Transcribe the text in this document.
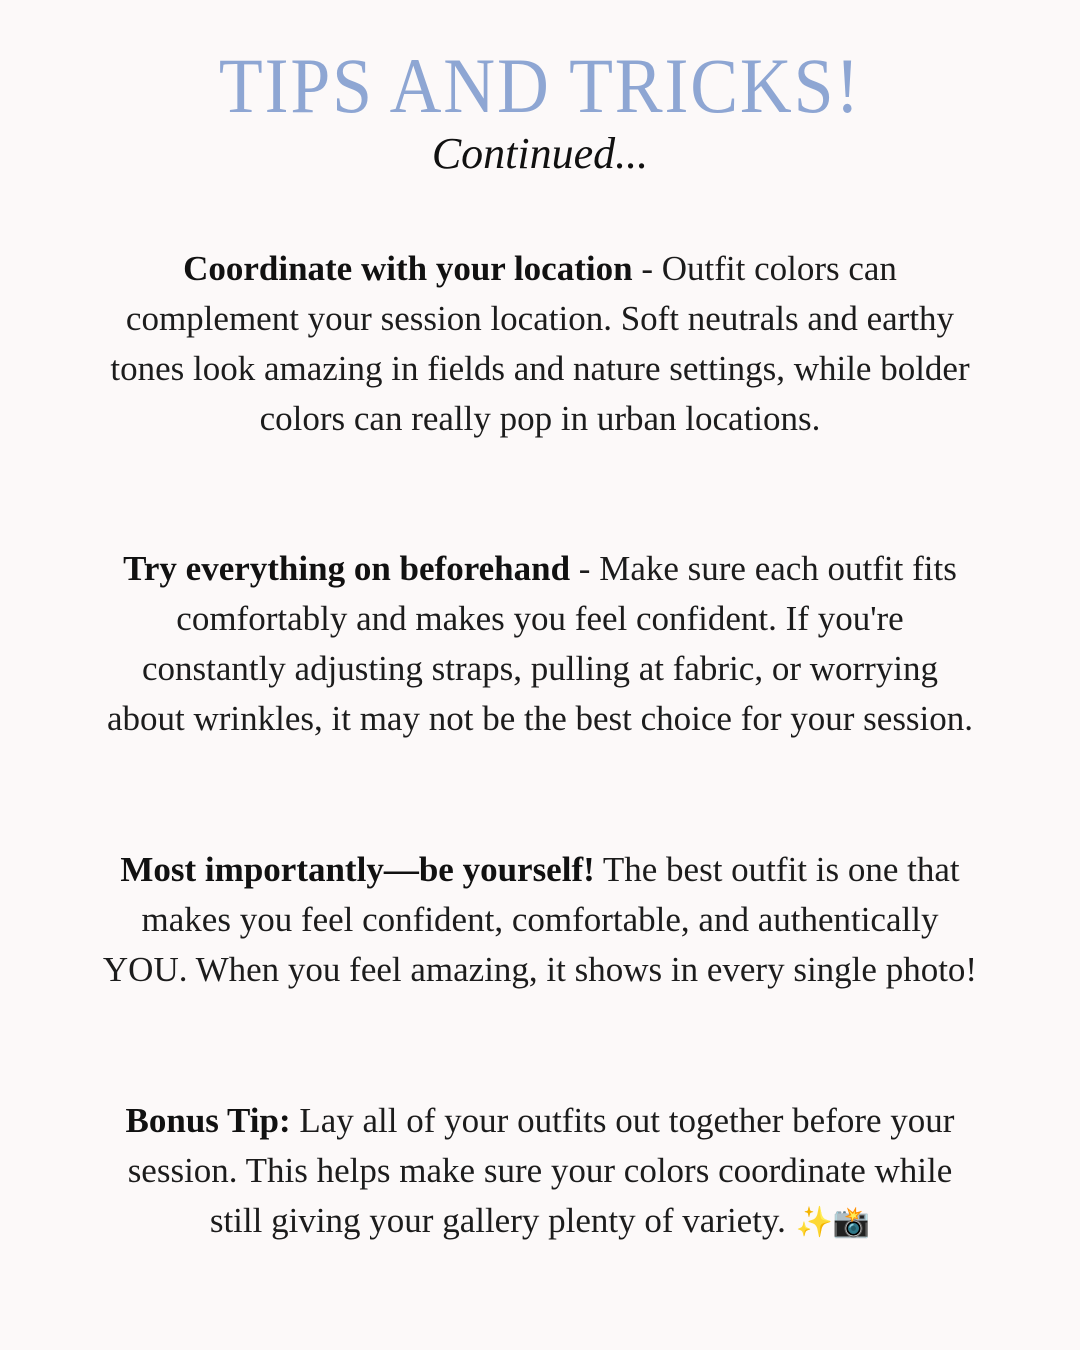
TIPS AND TRICKS!
Continued...

Coordinate with your location - Outfit colors can complement your session location. Soft neutrals and earthy tones look amazing in fields and nature settings, while bolder colors can really pop in urban locations.

Try everything on beforehand - Make sure each outfit fits comfortably and makes you feel confident. If you're constantly adjusting straps, pulling at fabric, or worrying about wrinkles, it may not be the best choice for your session.

Most importantly—be yourself! The best outfit is one that makes you feel confident, comfortable, and authentically YOU. When you feel amazing, it shows in every single photo!

Bonus Tip: Lay all of your outfits out together before your session. This helps make sure your colors coordinate while still giving your gallery plenty of variety. ✨📸
